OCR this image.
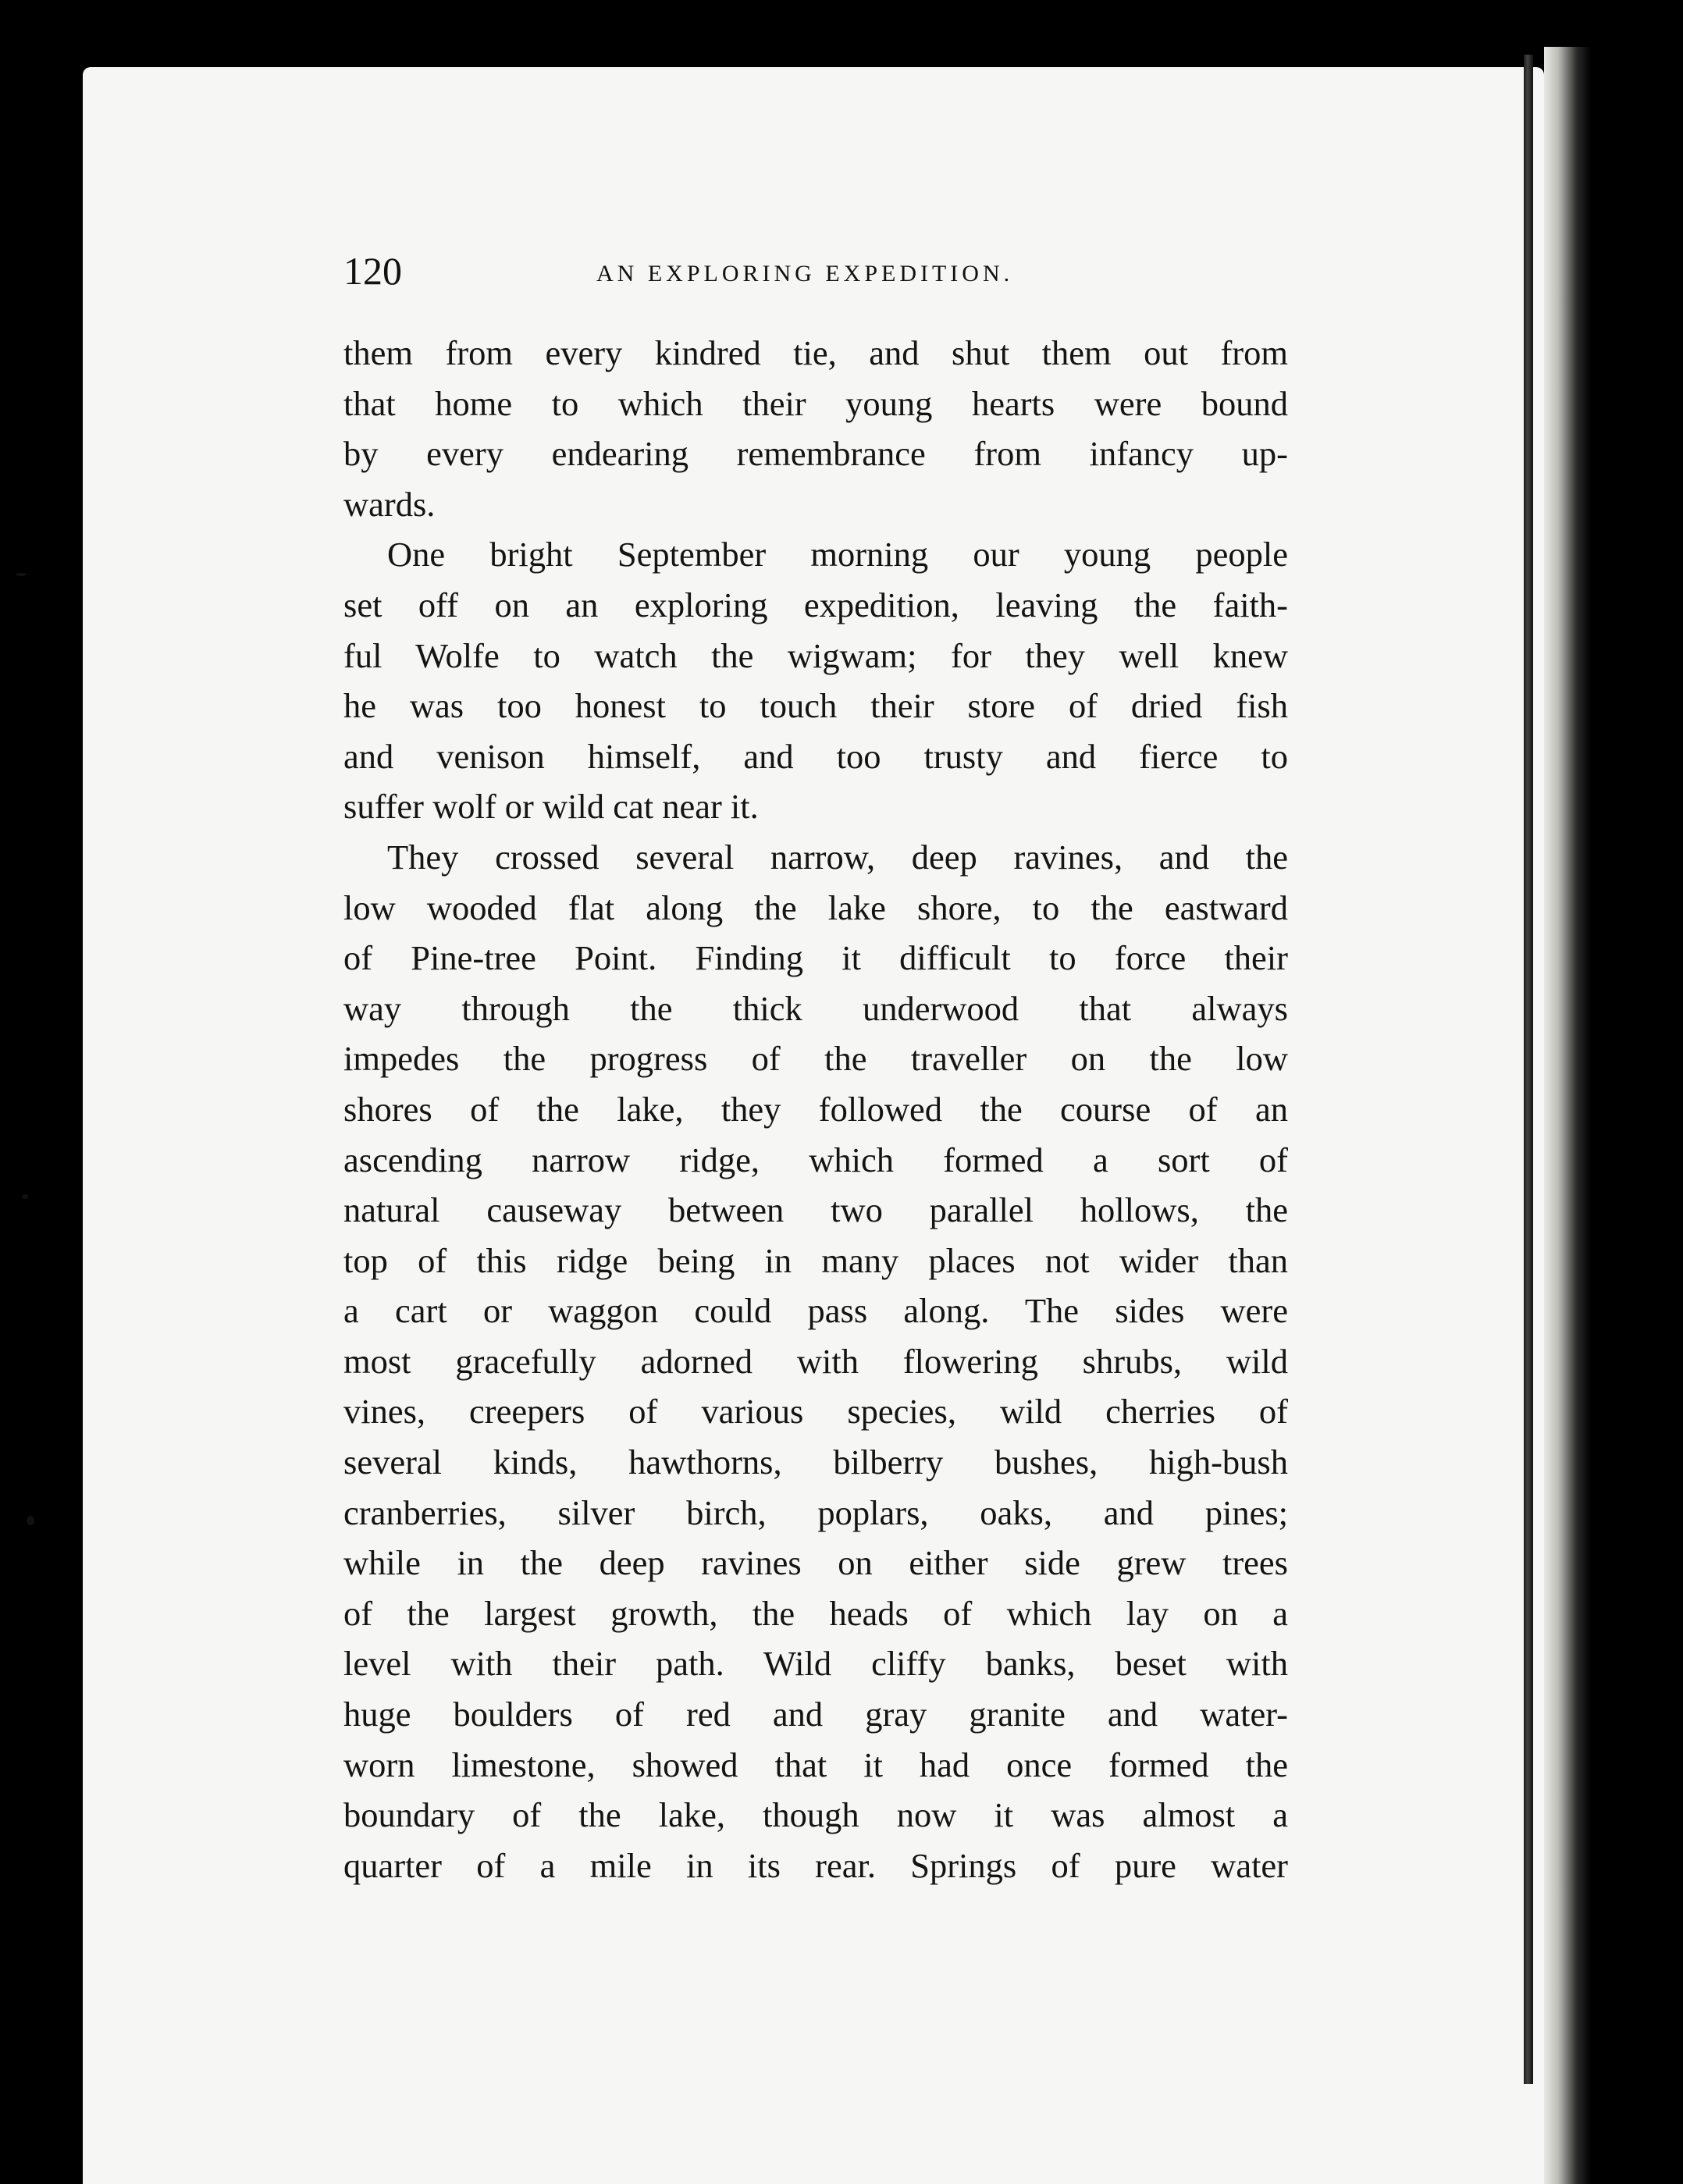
120	AN EXPLORING EXPEDITION.
them from every kindred tie, and shut them out from
that home to which their young hearts were bound
by every endearing remembrance from infancy up-
wards.
One bright September morning our young people
set off on an exploring expedition, leaving the faith-
ful Wolfe to watch the wigwam; for they well knew
he was too honest to touch their store of dried fish
and venison himself, and too trusty and fierce to
suffer wolf or wild cat near it.
They crossed several narrow, deep ravines, and the
low wooded flat along the lake shore, to the eastward
of Pine-tree Point. Finding it difficult to force their
way through the thick underwood that always
impedes the progress of the traveller on the low
shores of the lake, they followed the course of an
ascending narrow ridge, which formed a sort of
natural causeway between two parallel hollows, the
top of this ridge being in many places not wider than
a cart or waggon could pass along. The sides were
most gracefully adorned with flowering shrubs, wild
vines, creepers of various species, wild cherries of
several kinds, hawthorns, bilberry bushes, high-bush
cranberries, silver birch, poplars, oaks, and pines;
while in the deep ravines on either side grew trees
of the largest growth, the heads of which lay on a
level with their path. Wild cliffy banks, beset with
huge boulders of red and gray granite and water-
worn limestone, showed that it had once formed the
boundary of the lake, though now it was almost a
quarter of a mile in its rear. Springs of pure water
